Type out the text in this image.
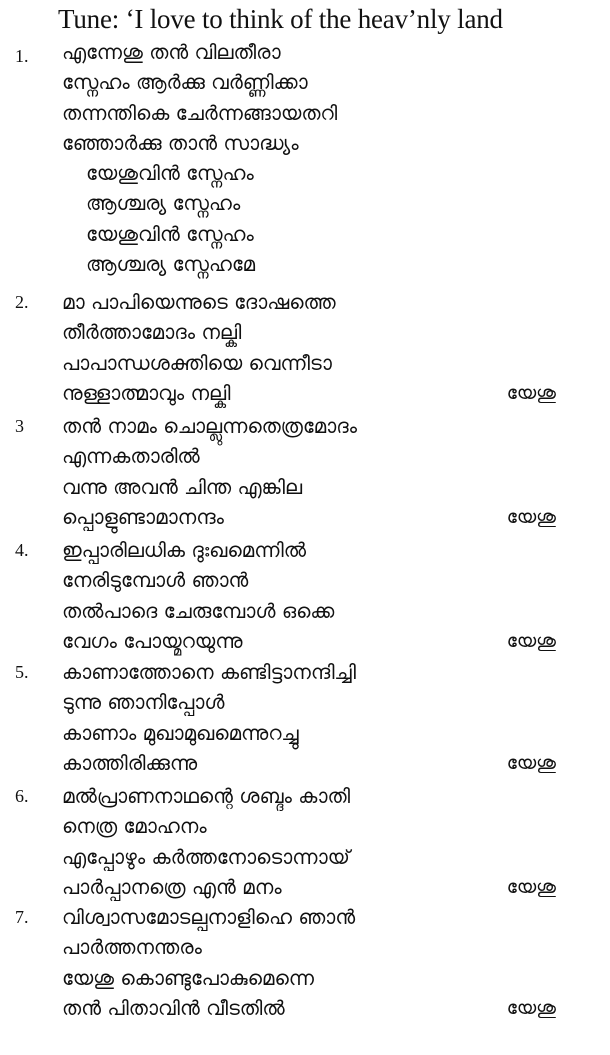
Tune: ‘I love to think of the heav’nly land
1. എന്നേശു തൻ വിലതീരാ
സ്നേഹം ആർക്കു വർണ്ണിക്കാ
തന്നന്തികെ ചേർന്നങ്ങായതറി
ഞ്ഞോർക്കു താൻ സാദ്ധ്യം
യേശുവിൻ സ്നേഹം
ആശ്ചര്യ സ്നേഹം
യേശുവിൻ സ്നേഹം
ആശ്ചര്യ സ്നേഹമേ
2. മാ പാപിയെന്നുടെ ദോഷത്തെ
തീർത്താമോദം നല്കി
പാപാന്ധശക്തിയെ വെന്നീടാ
നുള്ളാത്മാവും നല്കി	യേശു
3 തൻ നാമം ചൊല്ലുന്നതെത്രമോദം
എന്നകതാരിൽ
വന്നു അവൻ ചിന്ത എങ്കില
പ്പൊളുണ്ടാമാനന്ദം	യേശു
4. ഇപ്പാരിലധിക ദുഃഖമെന്നിൽ
നേരിടുമ്പോൾ ഞാൻ
തൽപാദെ ചേരുമ്പോൾ ഒക്കെ
വേഗം പോയ്മറയുന്നു	യേശു
5. കാണാത്തോനെ കണ്ടിട്ടാനന്ദിച്ചി
ടുന്നു ഞാനിപ്പോൾ
കാണാം മുഖാമുഖമെന്നുറച്ചു
കാത്തിരിക്കുന്നു	യേശു
6. മൽപ്രാണനാഥന്റെ ശബ്ദം കാതി
നെത്ര മോഹനം
എപ്പോഴും കർത്തനോടൊന്നായ്
പാർപ്പാനത്രെ എൻ മനം	യേശു
7. വിശ്വാസമോടല്പനാളിഹെ ഞാൻ
പാർത്തനന്തരം
യേശു കൊണ്ടുപോകുമെന്നെ
തൻ പിതാവിൻ വീടതിൽ	യേശു
